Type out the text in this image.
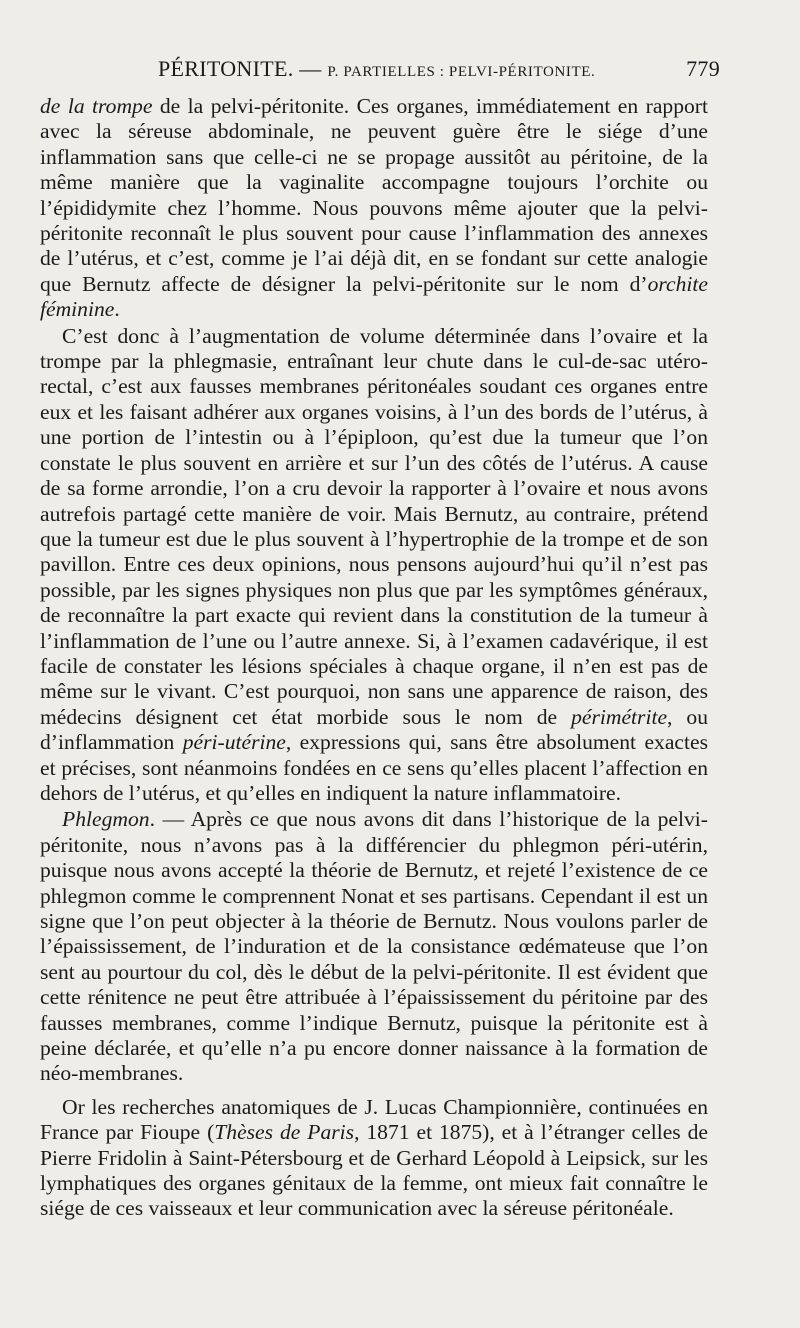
PÉRITONITE. — P. PARTIELLES : PELVI-PÉRITONITE.	779

de la trompe de la pelvi-péritonite. Ces organes, immédiatement en rapport avec la séreuse abdominale, ne peuvent guère être le siége d’une inflammation sans que celle-ci ne se propage aussitôt au péritoine, de la même manière que la vaginalite accompagne toujours l’orchite ou l’épididymite chez l’homme. Nous pouvons même ajouter que la pelvi-péritonite reconnaît le plus souvent pour cause l’inflammation des annexes de l’utérus, et c’est, comme je l’ai déjà dit, en se fondant sur cette analogie que Bernutz affecte de désigner la pelvi-péritonite sur le nom d’orchite féminine.

C’est donc à l’augmentation de volume déterminée dans l’ovaire et la trompe par la phlegmasie, entraînant leur chute dans le cul-de-sac utéro-rectal, c’est aux fausses membranes péritonéales soudant ces organes entre eux et les faisant adhérer aux organes voisins, à l’un des bords de l’utérus, à une portion de l’intestin ou à l’épiploon, qu’est due la tumeur que l’on constate le plus souvent en arrière et sur l’un des côtés de l’utérus. A cause de sa forme arrondie, l’on a cru devoir la rapporter à l’ovaire et nous avons autrefois partagé cette manière de voir. Mais Bernutz, au contraire, prétend que la tumeur est due le plus souvent à l’hypertrophie de la trompe et de son pavillon. Entre ces deux opinions, nous pensons aujourd’hui qu’il n’est pas possible, par les signes physiques non plus que par les symptômes généraux, de reconnaître la part exacte qui revient dans la constitution de la tumeur à l’inflammation de l’une ou l’autre annexe. Si, à l’examen cadavérique, il est facile de constater les lésions spéciales à chaque organe, il n’en est pas de même sur le vivant. C’est pourquoi, non sans une apparence de raison, des médecins désignent cet état morbide sous le nom de périmétrite, ou d’inflammation péri-utérine, expressions qui, sans être absolument exactes et précises, sont néanmoins fondées en ce sens qu’elles placent l’affection en dehors de l’utérus, et qu’elles en indiquent la nature inflammatoire.

Phlegmon. — Après ce que nous avons dit dans l’historique de la pelvi-péritonite, nous n’avons pas à la différencier du phlegmon péri-utérin, puisque nous avons accepté la théorie de Bernutz, et rejeté l’existence de ce phlegmon comme le comprennent Nonat et ses partisans. Cependant il est un signe que l’on peut objecter à la théorie de Bernutz. Nous voulons parler de l’épaississement, de l’induration et de la consistance œdémateuse que l’on sent au pourtour du col, dès le début de la pelvi-péritonite. Il est évident que cette rénitence ne peut être attribuée à l’épaississement du péritoine par des fausses membranes, comme l’indique Bernutz, puisque la péritonite est à peine déclarée, et qu’elle n’a pu encore donner naissance à la formation de néo-membranes.

Or les recherches anatomiques de J. Lucas Championnière, continuées en France par Fioupe (Thèses de Paris, 1871 et 1875), et à l’étranger celles de Pierre Fridolin à Saint-Pétersbourg et de Gerhard Léopold à Leipsick, sur les lymphatiques des organes génitaux de la femme, ont mieux fait connaître le siége de ces vaisseaux et leur communication avec la séreuse péritonéale.
